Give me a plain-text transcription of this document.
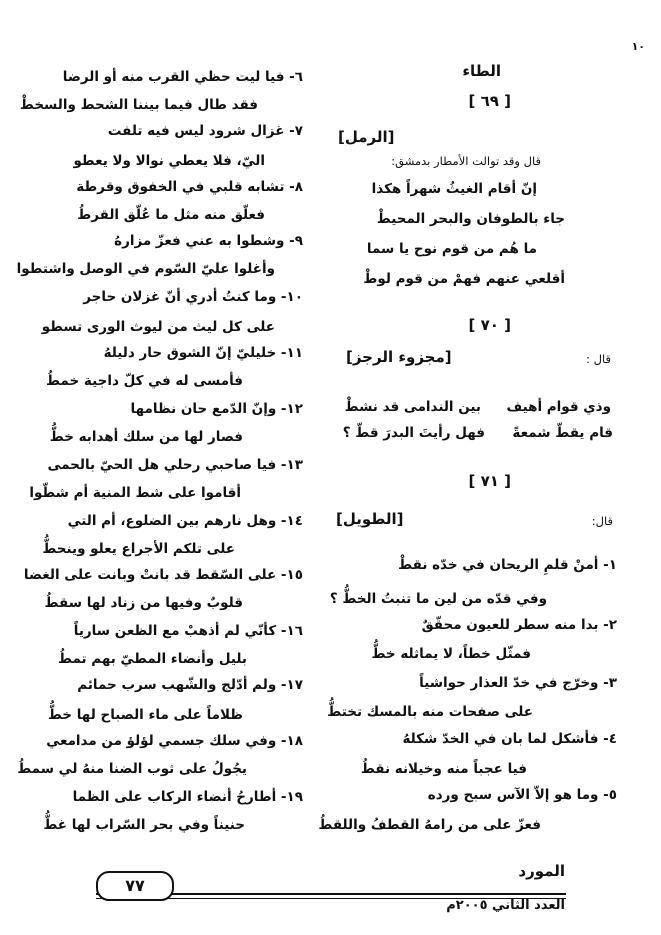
١٠
الطاء
[ ٦٩ ]
[الرمل]
قال وقد توالت الأمطار بدمشق:
إنّ أقام الغيثُ شهراً هكذا
جاء بالطوفان والبحر المحيطْ
ما هُم من قوم نوح يا سما
أقلعي عنهم فهمْ من قوم لوطْ
[ ٧٠ ]
قال :
[مجزوء الرجز]
وذي قوام أهيف
بين الندامى قد نشطْ
قام يقطّ شمعةً
فهل رأيتَ البدرَ قطّ ؟
[ ٧١ ]
قال:
[الطويل]
١- أمنْ قلمِ الريحان في خدّه نقطْ
وفي قدّه من لين ما تنبتُ الخطُّ ؟
٢- بدا منه سطر للعيون محقّقٌ
فمثّل خطاً، لا يماثله خطُّ
٣- وخرّج في خدّ العذار حواشياً
على صفحات منه بالمسك تختطُّ
٤- فأشكل لما بان في الخدّ شكلهُ
فيا عجباً منه وخيلانه نقطُ
٥- وما هو إلاّ الآس سبح ورده
فعزّ على من رامهُ القطفُ واللقطُ
٦- فيا ليت حظي القرب منه أو الرضا
فقد طال فيما بيننا الشحط والسخطْ
٧- غزال شرود ليس فيه تلفت
اليّ، فلا يعطي نوالا ولا يعطو
٨- تشابه قلبي في الخفوق وقرطة
فعلّق منه مثل ما عُلّق القرطُ
٩- وشطوا به عني فعزّ مزارهُ
وأغلوا عليّ السّوم في الوصل واشتطوا
١٠- وما كنتُ أدري أنّ غزلان حاجر
على كل ليث من ليوث الورى تسطو
١١- خليليّ إنّ الشوق حار دليلهُ
فأمسى له في كلّ داجية خمطُ
١٢- وإنّ الدّمع حان نظامها
فصار لها من سلك أهدابه خطُّ
١٣- فيا صاحبي رحلي هل الحيّ بالحمى
أقاموا على شط المنية أم شطّوا
١٤- وهل نارهم بين الضلوع، أم التي
على تلكم الأجراع يعلو وينحطُّ
١٥- على السّقط قد بانتْ وبانت على الغضا
قلوبٌ وفيها من زناد لها سقطُ
١٦- كأنّي لم أذهبْ مع الظعن سارياً
بليل وأنضاء المطيّ بهم تمطُ
١٧- ولم أدّلج والشّهب سرب حمائم
ظلاماً على ماء الصباح لها خطُّ
١٨- وفي سلك جسمي لؤلؤ من مدامعي
يجُولُ على ثوب الضنا منهُ لي سمطُ
١٩- أطارحُ أنضاء الركاب على الظما
حنيناً وفي بحر السّراب لها غطُّ
٧٧
المورد
العدد الثاني ٢٠٠٥م
